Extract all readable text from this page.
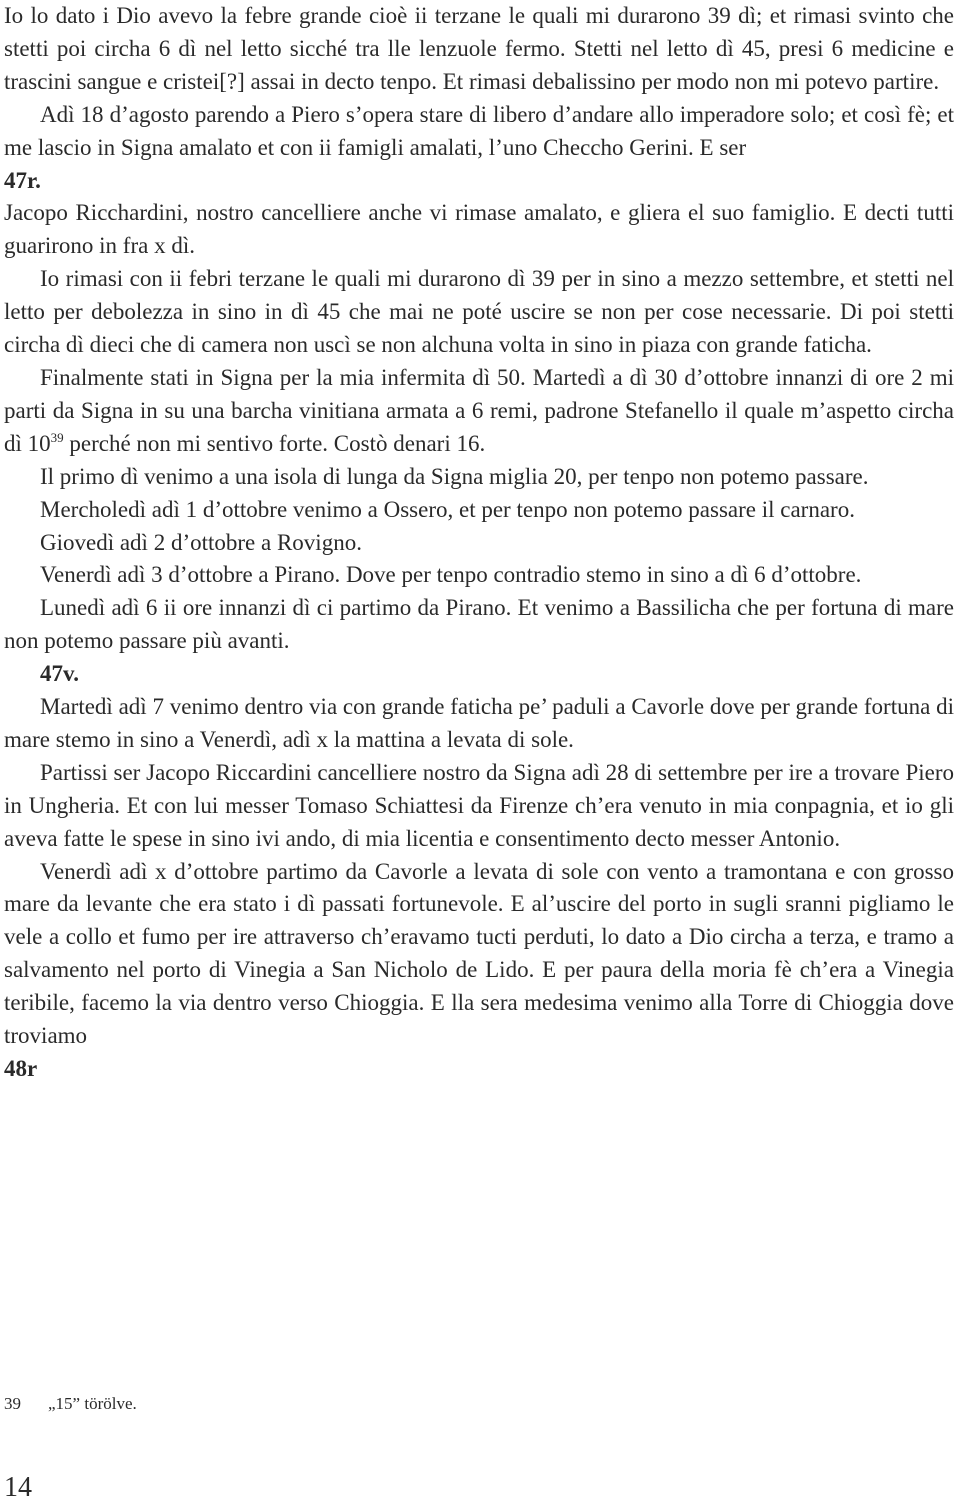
Io lo dato i Dio avevo la febre grande cioè ii terzane le quali mi durarono 39 dì; et rimasi svinto che stetti poi circha 6 dì nel letto sicché tra lle lenzuole fermo. Stetti nel letto dì 45, presi 6 medicine e trascini sangue e cristei[?] assai in decto tenpo. Et rimasi debalissino per modo non mi potevo partire.

Adì 18 d’agosto parendo a Piero s’opera stare di libero d’andare allo imperadore solo; et così fè; et me lascio in Signa amalato et con ii famigli amalati, l’uno Checcho Gerini. E ser

47r.

Jacopo Ricchardini, nostro cancelliere anche vi rimase amalato, e gliera el suo famiglio. E decti tutti guarirono in fra x dì.

Io rimasi con ii febri terzane le quali mi durarono dì 39 per in sino a mezzo settembre, et stetti nel letto per debolezza in sino in dì 45 che mai ne poté uscire se non per cose necessarie. Di poi stetti circha dì dieci che di camera non uscì se non alchuna volta in sino in piaza con grande faticha.

Finalmente stati in Signa per la mia infermita dì 50. Martedì a dì 30 d’ottobre innanzi di ore 2 mi parti da Signa in su una barcha vinitiana armata a 6 remi, padrone Stefanello il quale m’aspetto circha dì $10^{39}$ perché non mi sentivo forte. Costò denari 16.

Il primo dì venimo a una isola di lunga da Signa miglia 20, per tenpo non potemo passare.

Mercholedì adì 1 d’ottobre venimo a Ossero, et per tenpo non potemo passare il carnaro.

Giovedì adì 2 d’ottobre a Rovigno.

Venerdì adì 3 d’ottobre a Pirano. Dove per tenpo contradio stemo in sino a dì 6 d’ottobre.

Lunedì adì 6 ii ore innanzi dì ci partimo da Pirano. Et venimo a Bassilicha che per fortuna di mare non potemo passare più avanti.

47v.

Martedì adì 7 venimo dentro via con grande faticha pe’ paduli a Cavorle dove per grande fortuna di mare stemo in sino a Venerdì, adì x la mattina a levata di sole.

Partissi ser Jacopo Riccardini cancelliere nostro da Signa adì 28 di settembre per ire a trovare Piero in Ungheria. Et con lui messer Tomaso Schiattesi da Firenze ch’era venuto in mia conpagnia, et io gli aveva fatte le spese in sino ivi ando, di mia licentia e consentimento decto messer Antonio.

Venerdì adì x d’ottobre partimo da Cavorle a levata di sole con vento a tramontana e con grosso mare da levante che era stato i dì passati fortunevole. E al’uscire del porto in sugli sranni pigliamo le vele a collo et fumo per ire attraverso ch’eravamo tucti perduti, lo dato a Dio circha a terza, e tramo a salvamento nel porto di Vinegia a San Nicholo de Lido. E per paura della moria fè ch’era a Vinegia teribile, facemo la via dentro verso Chioggia. E lla sera medesima venimo alla Torre di Chioggia dove troviamo

48r

39 „15” törölve.
14
